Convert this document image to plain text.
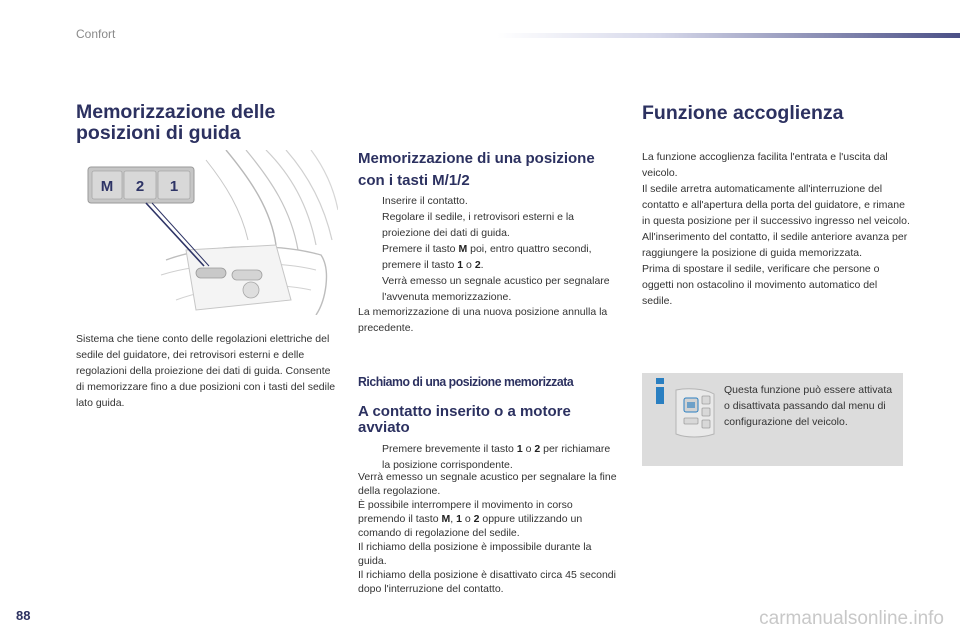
Confort
Memorizzazione delle
posizioni di guida
M 2 1
Sistema che tiene conto delle regolazioni elettriche del sedile del guidatore, dei retrovisori esterni e delle regolazioni della proiezione dei dati di guida. Consente di memorizzare fino a due posizioni con i tasti del sedile lato guida.
Memorizzazione di una posizione
con i tasti M/1/2
Inserire il contatto.
Regolare il sedile, i retrovisori esterni e la proiezione dei dati di guida.
Premere il tasto M poi, entro quattro secondi, premere il tasto 1 o 2.
Verrà emesso un segnale acustico per segnalare l'avvenuta memorizzazione.
La memorizzazione di una nuova posizione annulla la precedente.
Richiamo di una posizione memorizzata
A contatto inserito o a motore
avviato
Premere brevemente il tasto 1 o 2 per richiamare la posizione corrispondente.
Verrà emesso un segnale acustico per segnalare la fine della regolazione.
È possibile interrompere il movimento in corso premendo il tasto M, 1 o 2 oppure utilizzando un comando di regolazione del sedile.
Il richiamo della posizione è impossibile durante la guida.
Il richiamo della posizione è disattivato circa 45 secondi dopo l'interruzione del contatto.
Funzione accoglienza
La funzione accoglienza facilita l'entrata e l'uscita dal veicolo.
Il sedile arretra automaticamente all'interruzione del contatto e all'apertura della porta del guidatore, e rimane in questa posizione per il successivo ingresso nel veicolo.
All'inserimento del contatto, il sedile anteriore avanza per raggiungere la posizione di guida memorizzata.
Prima di spostare il sedile, verificare che persone o oggetti non ostacolino il movimento automatico del sedile.
Questa funzione può essere attivata o disattivata passando dal menu di configurazione del veicolo.
88	carmanualsonline.info
